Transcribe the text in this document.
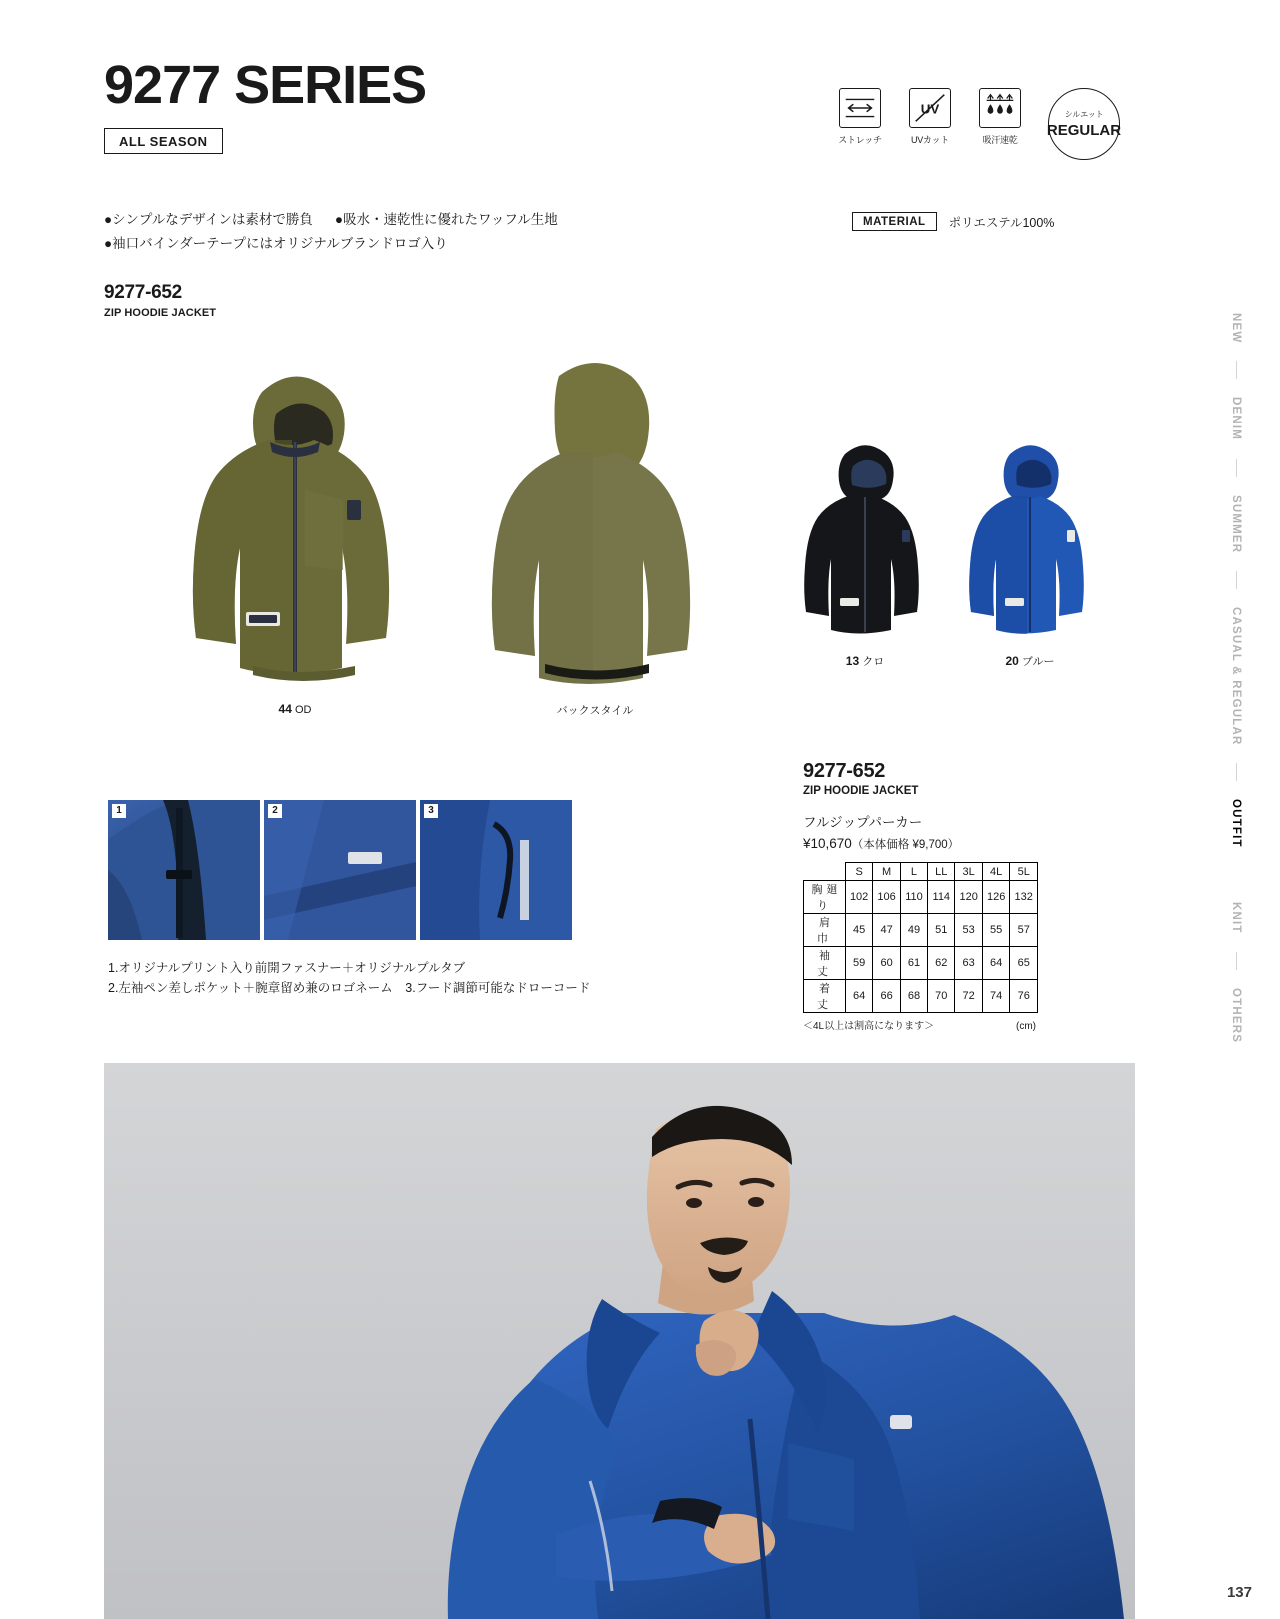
9277 SERIES
ALL SEASON	ストレッチ
UV
UVカット	吸汗速乾
シルエット
REGULAR
●シンプルなデザインは素材で勝負 ●吸水・速乾性に優れたワッフル生地
●袖口バインダーテープにはオリジナルブランドロゴ入り
MATERIAL	ポリエステル100%
9277-652
ZIP HOODIE JACKET
44 OD	バックスタイル
13 クロ	20 ブルー
1	2	3
1.オリジナルプリント入り前開ファスナー＋オリジナルプルタブ
2.左袖ペン差しポケット＋腕章留め兼のロゴネーム　3.フード調節可能なドローコード
9277-652
ZIP HOODIE JACKET
フルジップパーカー
¥10,670（本体価格 ¥9,700）
	S	M	L	LL	3L	4L	5L
胸廻り	102	106	110	114	120	126	132
肩　巾	45	47	49	51	53	55	57
袖　丈	59	60	61	62	63	64	65
着　丈	64	66	68	70	72	74	76
＜4L以上は割高になります＞	(cm)
NEW
DENIM
SUMMER
CASUAL & REGULAR
OUTFIT
KNIT
OTHERS
137
